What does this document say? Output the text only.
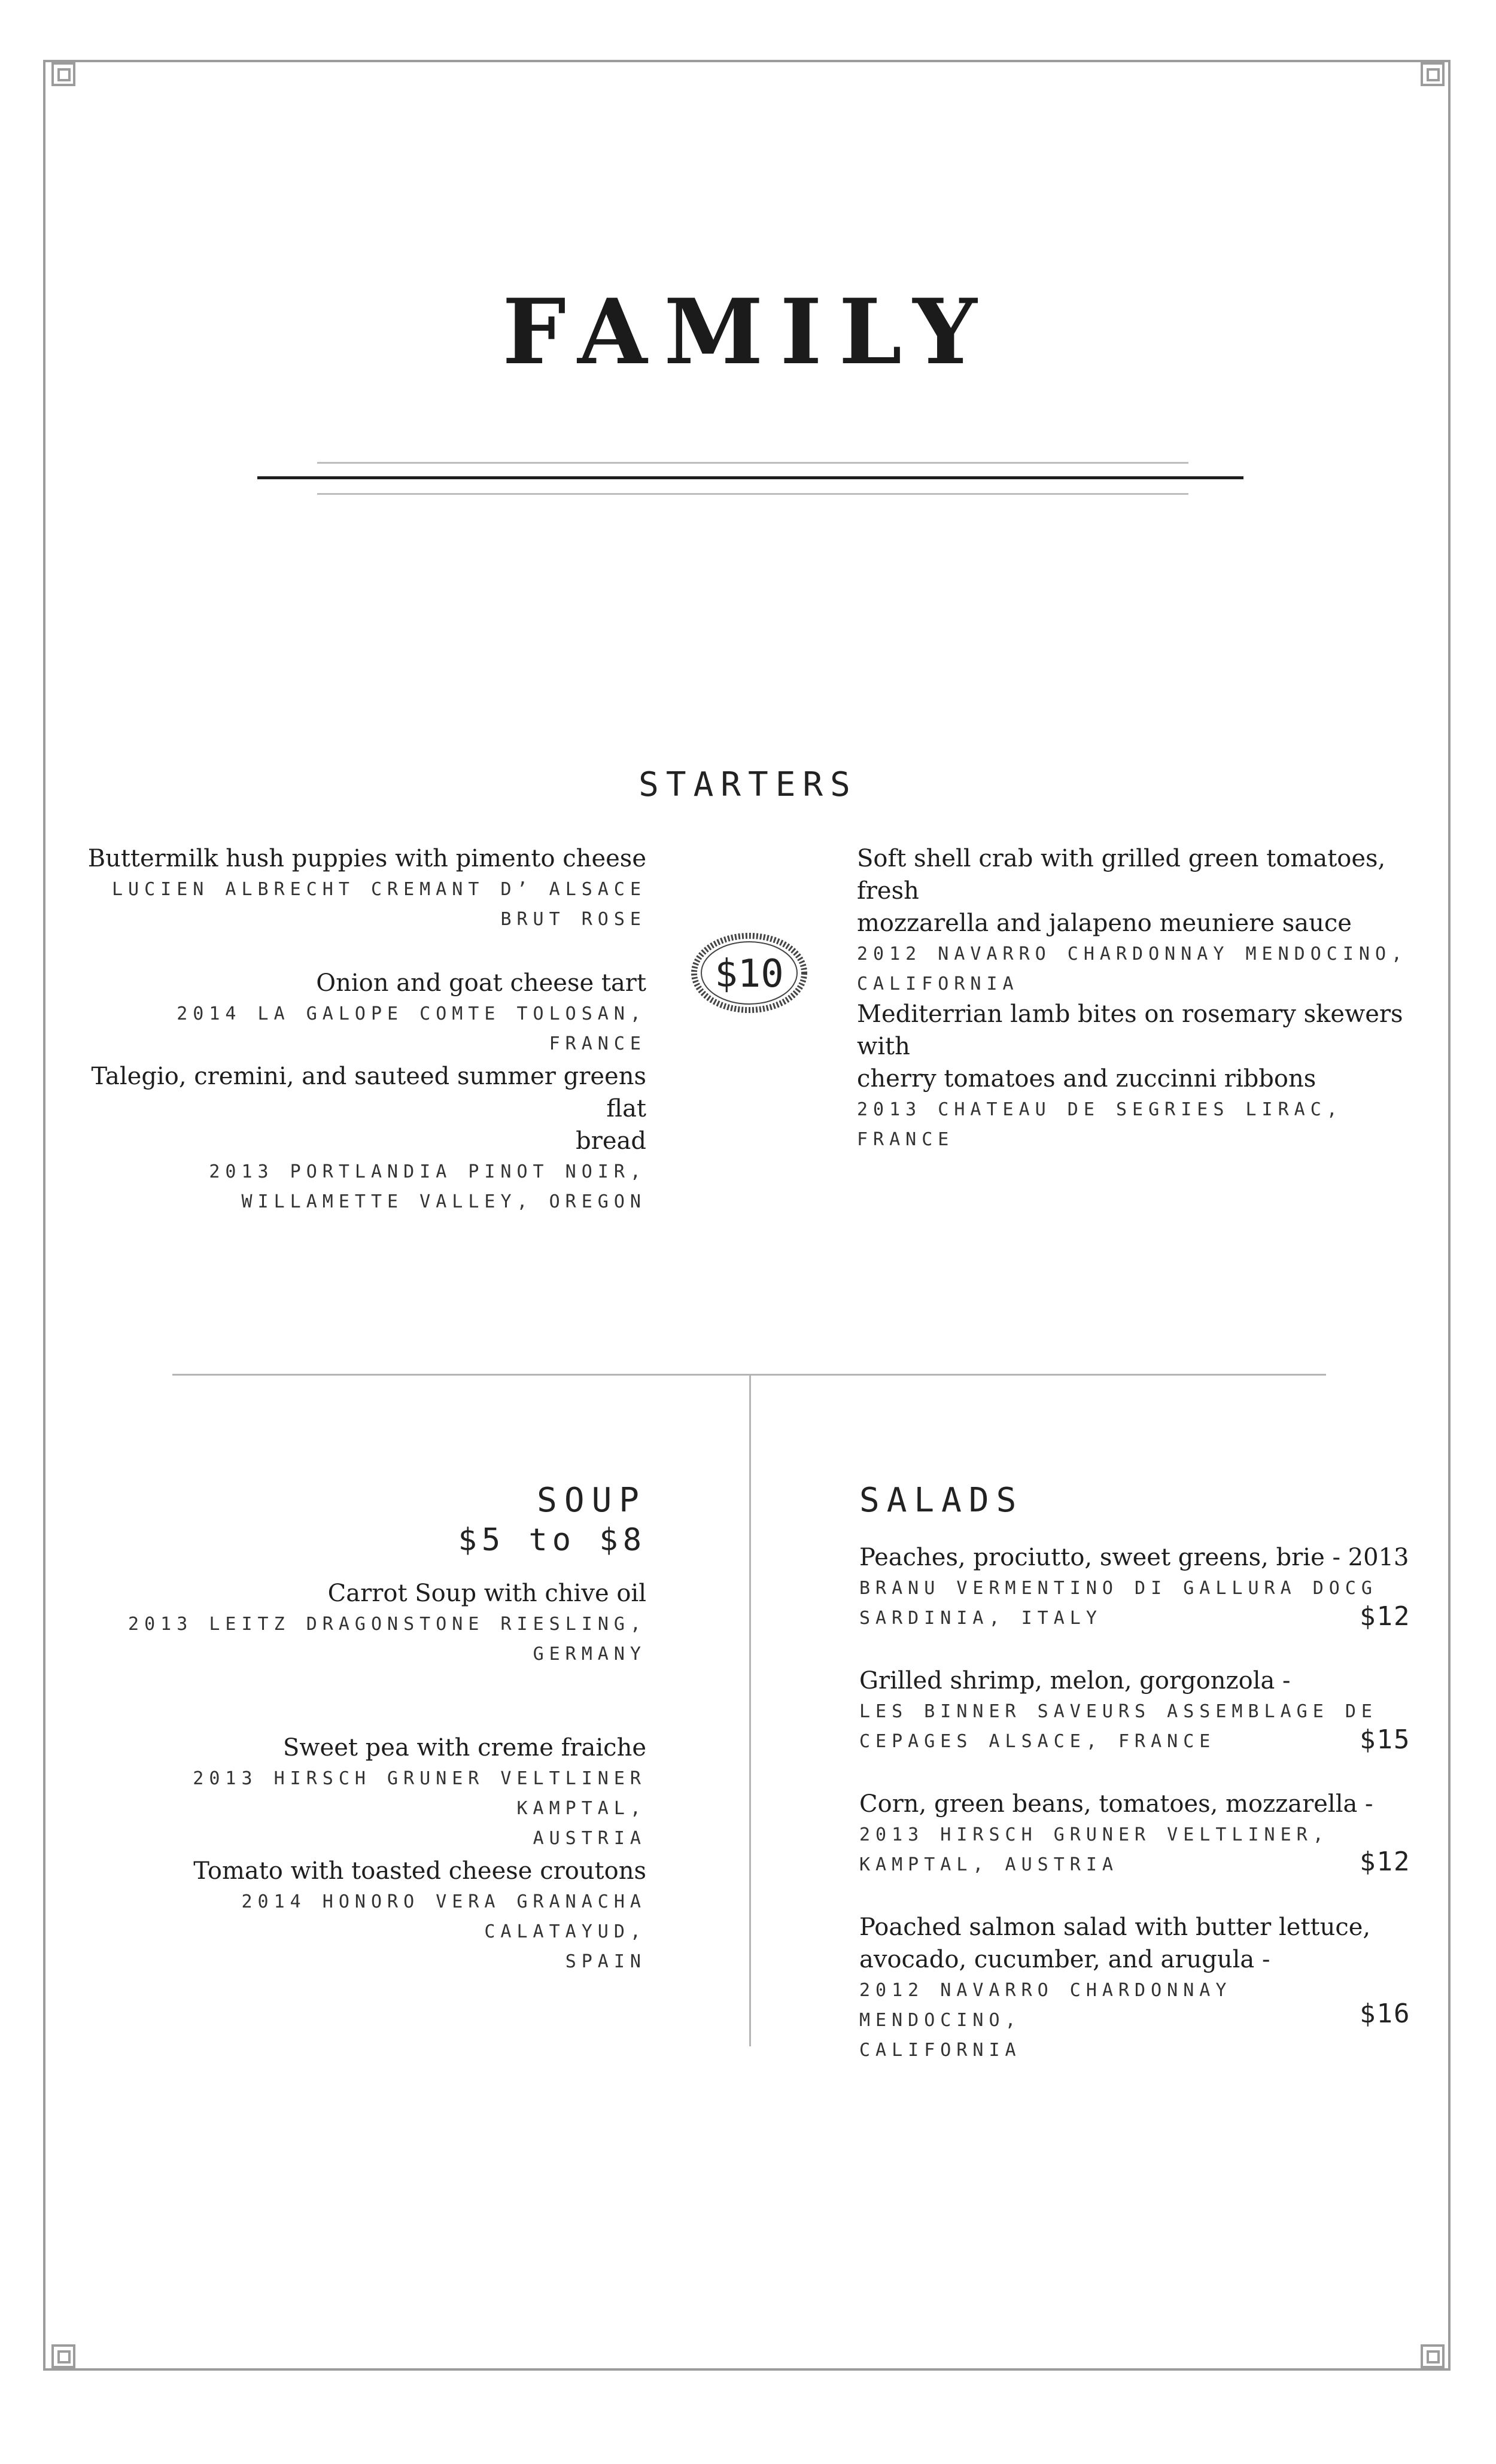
FAMILY
STARTERS
Buttermilk hush puppies with pimento cheese
LUCIEN ALBRECHT CREMANT D’ ALSACE
BRUT ROSE
Onion and goat cheese tart
2014 LA GALOPE COMTE TOLOSAN, FRANCE
Talegio, cremini, and sauteed summer greens flat
bread
2013 PORTLANDIA PINOT NOIR,
WILLAMETTE VALLEY, OREGON
$10
Soft shell crab with grilled green tomatoes, fresh
mozzarella and jalapeno meuniere sauce
2012 NAVARRO CHARDONNAY MENDOCINO,
CALIFORNIA
Mediterrian lamb bites on rosemary skewers with
cherry tomatoes and zuccinni ribbons
2013 CHATEAU DE SEGRIES LIRAC, FRANCE
SOUP
$5 to $8
Carrot Soup with chive oil
2013 LEITZ DRAGONSTONE RIESLING,
GERMANY
Sweet pea with creme fraiche
2013 HIRSCH GRUNER VELTLINER KAMPTAL,
AUSTRIA
Tomato with toasted cheese croutons
2014 HONORO VERA GRANACHA CALATAYUD,
SPAIN
SALADS
Peaches, prociutto, sweet greens, brie - 2013
BRANU VERMENTINO DI GALLURA DOCG
SARDINIA, ITALY	$12
Grilled shrimp, melon, gorgonzola -
LES BINNER SAVEURS ASSEMBLAGE DE
CEPAGES ALSACE, FRANCE	$15
Corn, green beans, tomatoes, mozzarella -
2013 HIRSCH GRUNER VELTLINER,
KAMPTAL, AUSTRIA	$12
Poached salmon salad with butter lettuce,
avocado, cucumber, and arugula -
2012 NAVARRO CHARDONNAY MENDOCINO,
CALIFORNIA
$16
